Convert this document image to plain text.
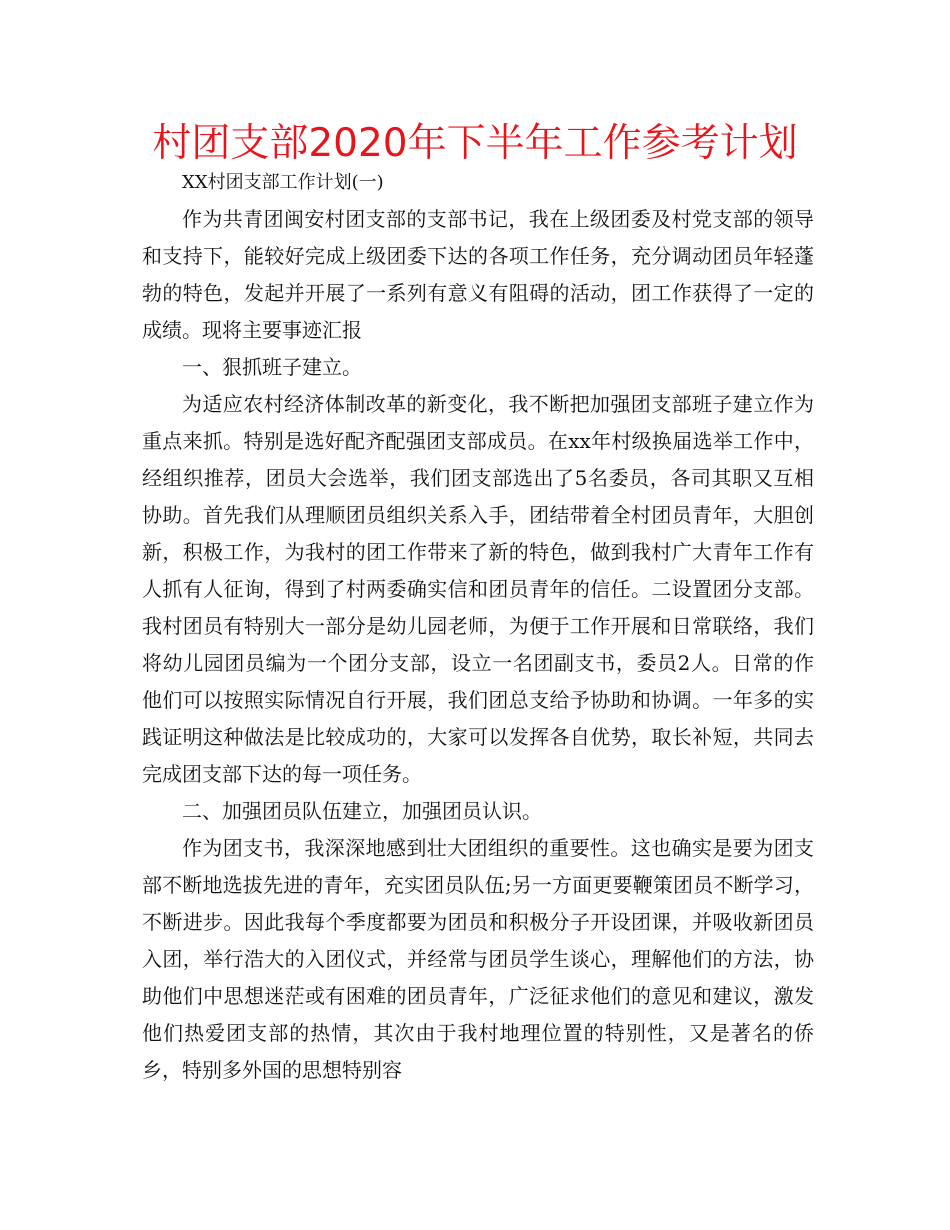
村团支部2020年下半年工作参考计划

XX村团支部工作计划(一)

作为共青团闽安村团支部的支部书记，我在上级团委及村党支部的领导和支持下，能较好完成上级团委下达的各项工作任务，充分调动团员年轻蓬勃的特色，发起并开展了一系列有意义有阻碍的活动，团工作获得了一定的成绩。现将主要事迹汇报

一、狠抓班子建立。

为适应农村经济体制改革的新变化，我不断把加强团支部班子建立作为重点来抓。特别是选好配齐配强团支部成员。在xx年村级换届选举工作中，经组织推荐，团员大会选举，我们团支部选出了5名委员，各司其职又互相协助。首先我们从理顺团员组织关系入手，团结带着全村团员青年，大胆创新，积极工作，为我村的团工作带来了新的特色，做到我村广大青年工作有人抓有人征询，得到了村两委确实信和团员青年的信任。二设置团分支部。我村团员有特别大一部分是幼儿园老师，为便于工作开展和日常联络，我们将幼儿园团员编为一个团分支部，设立一名团副支书，委员2人。日常的作他们可以按照实际情况自行开展，我们团总支给予协助和协调。一年多的实践证明这种做法是比较成功的，大家可以发挥各自优势，取长补短，共同去完成团支部下达的每一项任务。

二、加强团员队伍建立，加强团员认识。

作为团支书，我深深地感到壮大团组织的重要性。这也确实是要为团支部不断地选拔先进的青年，充实团员队伍;另一方面更要鞭策团员不断学习，不断进步。因此我每个季度都要为团员和积极分子开设团课，并吸收新团员入团，举行浩大的入团仪式，并经常与团员学生谈心，理解他们的方法，协助他们中思想迷茫或有困难的团员青年，广泛征求他们的意见和建议，激发他们热爱团支部的热情，其次由于我村地理位置的特别性，又是著名的侨乡，特别多外国的思想特别容
